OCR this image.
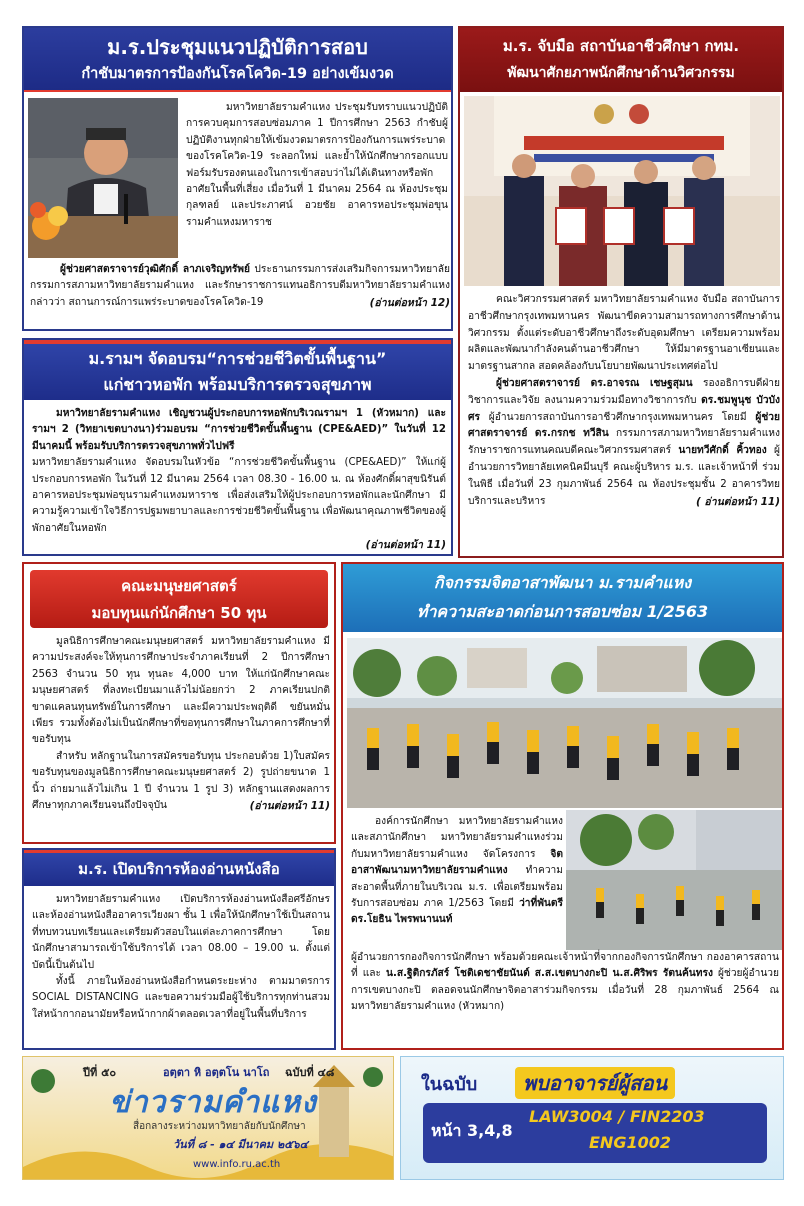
ม.ร.ประชุมแนวปฏิบัติการสอบ
กำชับมาตรการป้องกันโรคโควิด-19 อย่างเข้มงวด
มหาวิทยาลัยรามคำแหง ประชุมรับทราบแนวปฏิบัติการควบคุมการสอบซ่อมภาค 1 ปีการศึกษา 2563 กำชับผู้ปฏิบัติงานทุกฝ่ายให้เข้มงวดมาตรการป้องกันการแพร่ระบาดของโรคโควิด-19 ระลอกใหม่ และย้ำให้นักศึกษากรอกแบบฟอร์มรับรองตนเองในการเข้าสอบว่าไม่ได้เดินทางหรือพักอาศัยในพื้นที่เสี่ยง เมื่อวันที่ 1 มีนาคม 2564 ณ ห้องประชุม กุลฑลย์ และประภาศน์ อวยชัย อาคารหอประชุมพ่อขุนรามคำแหงมหาราช
ผู้ช่วยศาสตราจารย์วุฒิศักดิ์ ลาภเจริญทรัพย์ ประธานกรรมการส่งเสริมกิจการมหาวิทยาลัย กรรมการสภามหาวิทยาลัยรามคำแหง และรักษาราชการแทนอธิการบดีมหาวิทยาลัยรามคำแหง กล่าวว่า สถานการณ์การแพร่ระบาดของโรคโควิด-19	(อ่านต่อหน้า 12)
ม.ร. จับมือ สถาบันอาชีวศึกษา กทม.
พัฒนาศักยภาพนักศึกษาด้านวิศวกรรม
คณะวิศวกรรมศาสตร์ มหาวิทยาลัยรามคำแหง จับมือ สถาบันการอาชีวศึกษากรุงเทพมหานคร พัฒนาขีดความสามารถทางการศึกษาด้านวิศวกรรม ตั้งแต่ระดับอาชีวศึกษาถึงระดับอุดมศึกษา เตรียมความพร้อมผลิตและพัฒนากำลังคนด้านอาชีวศึกษา ให้มีมาตรฐานอาเซียนและมาตรฐานสากล สอดคล้องกับนโยบายพัฒนาประเทศต่อไป
ผู้ช่วยศาสตราจารย์ ดร.อาจรณ เชษฐสุมน รองอธิการบดีฝ่ายวิชาการและวิจัย ลงนามความร่วมมือทางวิชาการกับ ดร.ชมพูนุช บัวบังศร ผู้อำนวยการสถาบันการอาชีวศึกษากรุงเทพมหานคร โดยมี ผู้ช่วยศาสตราจารย์ ดร.กรกช ทวีสิน กรรมการสภามหาวิทยาลัยรามคำแหง รักษาราชการแทนคณบดีคณะวิศวกรรมศาสตร์ นายทวีศักดิ์ คิ้วทอง ผู้อำนวยการวิทยาลัยเทคนิคมีนบุรี คณะผู้บริหาร ม.ร. และเจ้าหน้าที่ ร่วมในพิธี เมื่อวันที่ 23 กุมภาพันธ์ 2564 ณ ห้องประชุมชั้น 2 อาคารวิทยบริการและบริหาร	( อ่านต่อหน้า 11)
ม.รามฯ จัดอบรม“การช่วยชีวิตขั้นพื้นฐาน”
แก่ชาวหอพัก พร้อมบริการตรวจสุขภาพ
มหาวิทยาลัยรามคำแหง เชิญชวนผู้ประกอบการหอพักบริเวณรามฯ 1 (หัวหมาก) และรามฯ 2 (วิทยาเขตบางนา)ร่วมอบรม “การช่วยชีวิตขั้นพื้นฐาน (CPE&AED)” ในวันที่ 12 มีนาคมนี้ พร้อมรับบริการตรวจสุขภาพทั่วไปฟรี
มหาวิทยาลัยรามคำแหง จัดอบรมในหัวข้อ “การช่วยชีวิตขั้นพื้นฐาน (CPE&AED)” ให้แก่ผู้ประกอบการหอพัก ในวันที่ 12 มีนาคม 2564 เวลา 08.30 - 16.00 น. ณ ห้องศักดิ์ผาสุขนิรันต์ อาคารหอประชุมพ่อขุนรามคำแหงมหาราช เพื่อส่งเสริมให้ผู้ประกอบการหอพักและนักศึกษา มีความรู้ความเข้าใจวิธีการปฐมพยาบาลและการช่วยชีวิตขั้นพื้นฐาน เพื่อพัฒนาคุณภาพชีวิตของผู้พักอาศัยในหอพัก
(อ่านต่อหน้า 11)
คณะมนุษยศาสตร์
มอบทุนแก่นักศึกษา 50 ทุน
มูลนิธิการศึกษาคณะมนุษยศาสตร์ มหาวิทยาลัยรามคำแหง มีความประสงค์จะให้ทุนการศึกษาประจำภาคเรียนที่ 2 ปีการศึกษา 2563 จำนวน 50 ทุน ทุนละ 4,000 บาท ให้แก่นักศึกษาคณะมนุษยศาสตร์ ที่ลงทะเบียนมาแล้วไม่น้อยกว่า 2 ภาคเรียนปกติ ขาดแคลนทุนทรัพย์ในการศึกษา และมีความประพฤติดี ขยันหมั่นเพียร รวมทั้งต้องไม่เป็นนักศึกษาที่ขอทุนการศึกษาในภาคการศึกษาที่ขอรับทุน
สำหรับ หลักฐานในการสมัครขอรับทุน ประกอบด้วย 1)ใบสมัครขอรับทุนของมูลนิธิการศึกษาคณะมนุษยศาสตร์ 2) รูปถ่ายขนาด 1 นิ้ว ถ่ายมาแล้วไม่เกิน 1 ปี จำนวน 1 รูป 3) หลักฐานแสดงผลการศึกษาทุกภาคเรียนจนถึงปัจจุบัน	(อ่านต่อหน้า 11)
ม.ร. เปิดบริการห้องอ่านหนังสือ
มหาวิทยาลัยรามคำแหง เปิดบริการห้องอ่านหนังสือศรีอักษร และห้องอ่านหนังสืออาคารเวียงผา ชั้น 1 เพื่อให้นักศึกษาใช้เป็นสถานที่ทบทวนบทเรียนและเตรียมตัวสอบในแต่ละภาคการศึกษา โดยนักศึกษาสามารถเข้าใช้บริการได้ เวลา 08.00 – 19.00 น. ตั้งแต่บัดนี้เป็นต้นไป
ทั้งนี้ ภายในห้องอ่านหนังสือกำหนดระยะห่าง ตามมาตรการ SOCIAL DISTANCING และขอความร่วมมือผู้ใช้บริการทุกท่านสวมใส่หน้ากากอนามัยหรือหน้ากากผ้าตลอดเวลาที่อยู่ในพื้นที่บริการ
กิจกรรมจิตอาสาพัฒนา ม.รามคำแหง
ทำความสะอาดก่อนการสอบซ่อม 1/2563
องค์การนักศึกษา มหาวิทยาลัยรามคำแหง และสภานักศึกษา มหาวิทยาลัยรามคำแหงร่วมกับมหาวิทยาลัยรามคำแหง จัดโครงการ จิตอาสาพัฒนามหาวิทยาลัยรามคำแหง ทำความสะอาดพื้นที่ภายในบริเวณ ม.ร. เพื่อเตรียมพร้อมรับการสอบซ่อม ภาค 1/2563 โดยมี ว่าที่พันตรี ดร.โยธิน ไพรพนานนท์
ผู้อำนวยการกองกิจการนักศึกษา พร้อมด้วยคณะเจ้าหน้าที่จากกองกิจการนักศึกษา กองอาคารสถานที่ และ น.ส.ฐิติกรภัสร์ โชติเดชาชัยนันต์ ส.ส.เขตบางกะปิ น.ส.ศิริพร รัตนค้นทรง ผู้ช่วยผู้อำนวยการเขตบางกะปิ ตลอดจนนักศึกษาจิตอาสาร่วมกิจกรรม เมื่อวันที่ 28 กุมภาพันธ์ 2564 ณ มหาวิทยาลัยรามคำแหง (หัวหมาก)
ปีที่ ๕๐	อตฺตา หิ อตฺตโน นาโถ ฉบับที่ ๔๘
ข่าวรามคำแหง
สื่อกลางระหว่างมหาวิทยาลัยกับนักศึกษา
วันที่ ๘ - ๑๔ มีนาคม ๒๕๖๔
www.info.ru.ac.th
ในฉบับ	พบอาจารย์ผู้สอน
หน้า 3,4,8
LAW3004 / FIN2203
ENG1002
